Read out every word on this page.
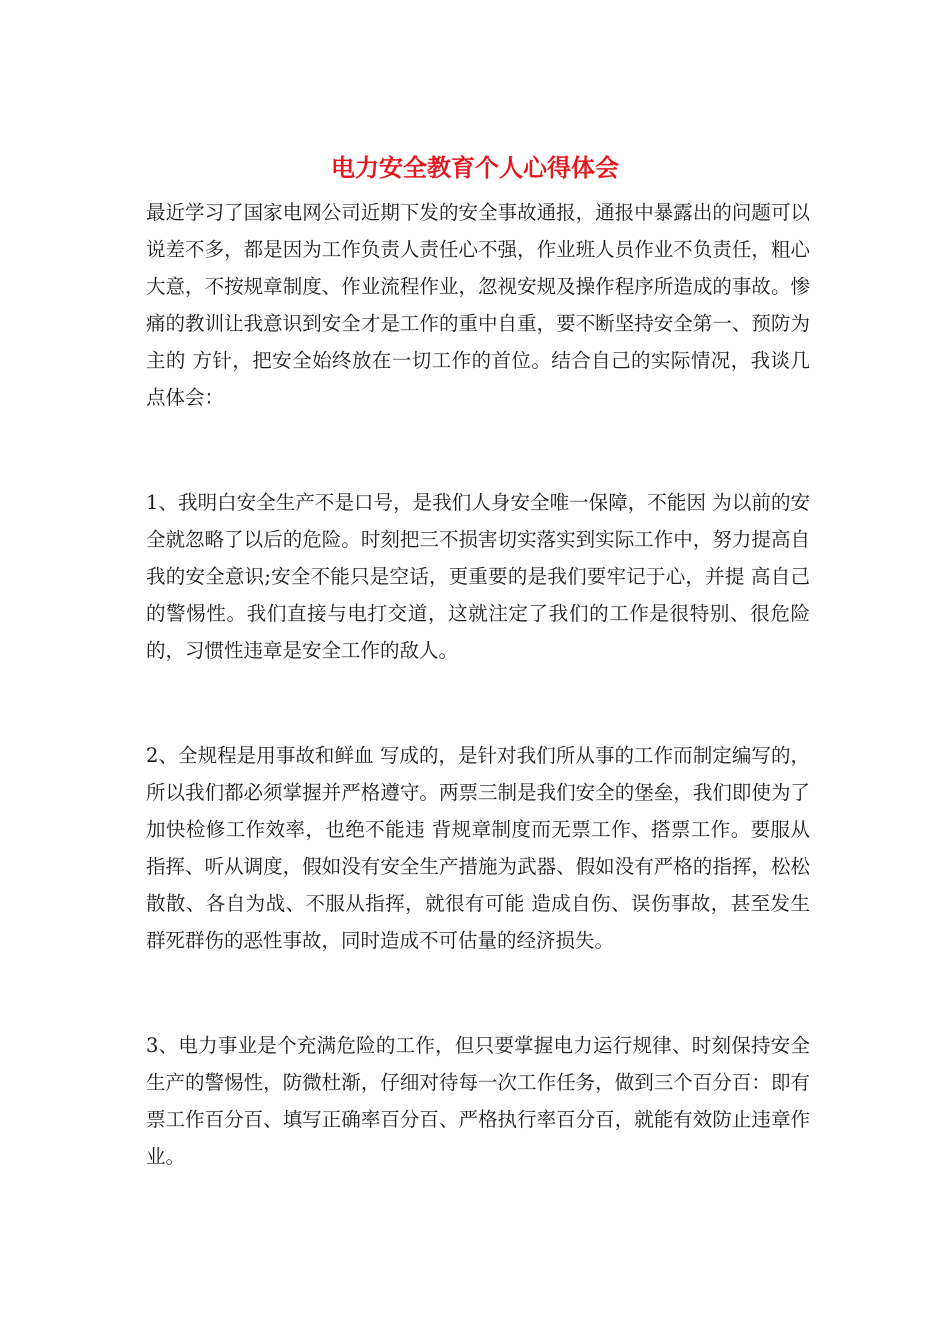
电力安全教育个人心得体会

最近学习了国家电网公司近期下发的安全事故通报，通报中暴露出的问题可以说差不多，都是因为工作负责人责任心不强，作业班人员作业不负责任，粗心大意，不按规章制度、作业流程作业，忽视安规及操作程序所造成的事故。惨痛的教训让我意识到安全才是工作的重中自重，要不断坚持安全第一、预防为主的 方针，把安全始终放在一切工作的首位。结合自己的实际情况，我谈几点体会：

1、我明白安全生产不是口号，是我们人身安全唯一保障，不能因 为以前的安全就忽略了以后的危险。时刻把三不损害切实落实到实际工作中，努力提高自我的安全意识;安全不能只是空话，更重要的是我们要牢记于心，并提 高自己的警惕性。我们直接与电打交道，这就注定了我们的工作是很特别、很危险的，习惯性违章是安全工作的敌人。

2、全规程是用事故和鲜血 写成的，是针对我们所从事的工作而制定编写的，所以我们都必须掌握并严格遵守。两票三制是我们安全的堡垒，我们即使为了加快检修工作效率，也绝不能违 背规章制度而无票工作、搭票工作。要服从指挥、听从调度，假如没有安全生产措施为武器、假如没有严格的指挥，松松散散、各自为战、不服从指挥，就很有可能 造成自伤、误伤事故，甚至发生群死群伤的恶性事故，同时造成不可估量的经济损失。

3、电力事业是个充满危险的工作，但只要掌握电力运行规律、时刻保持安全生产的警惕性，防微杜渐，仔细对待每一次工作任务，做到三个百分百：即有票工作百分百、填写正确率百分百、严格执行率百分百，就能有效防止违章作业。
